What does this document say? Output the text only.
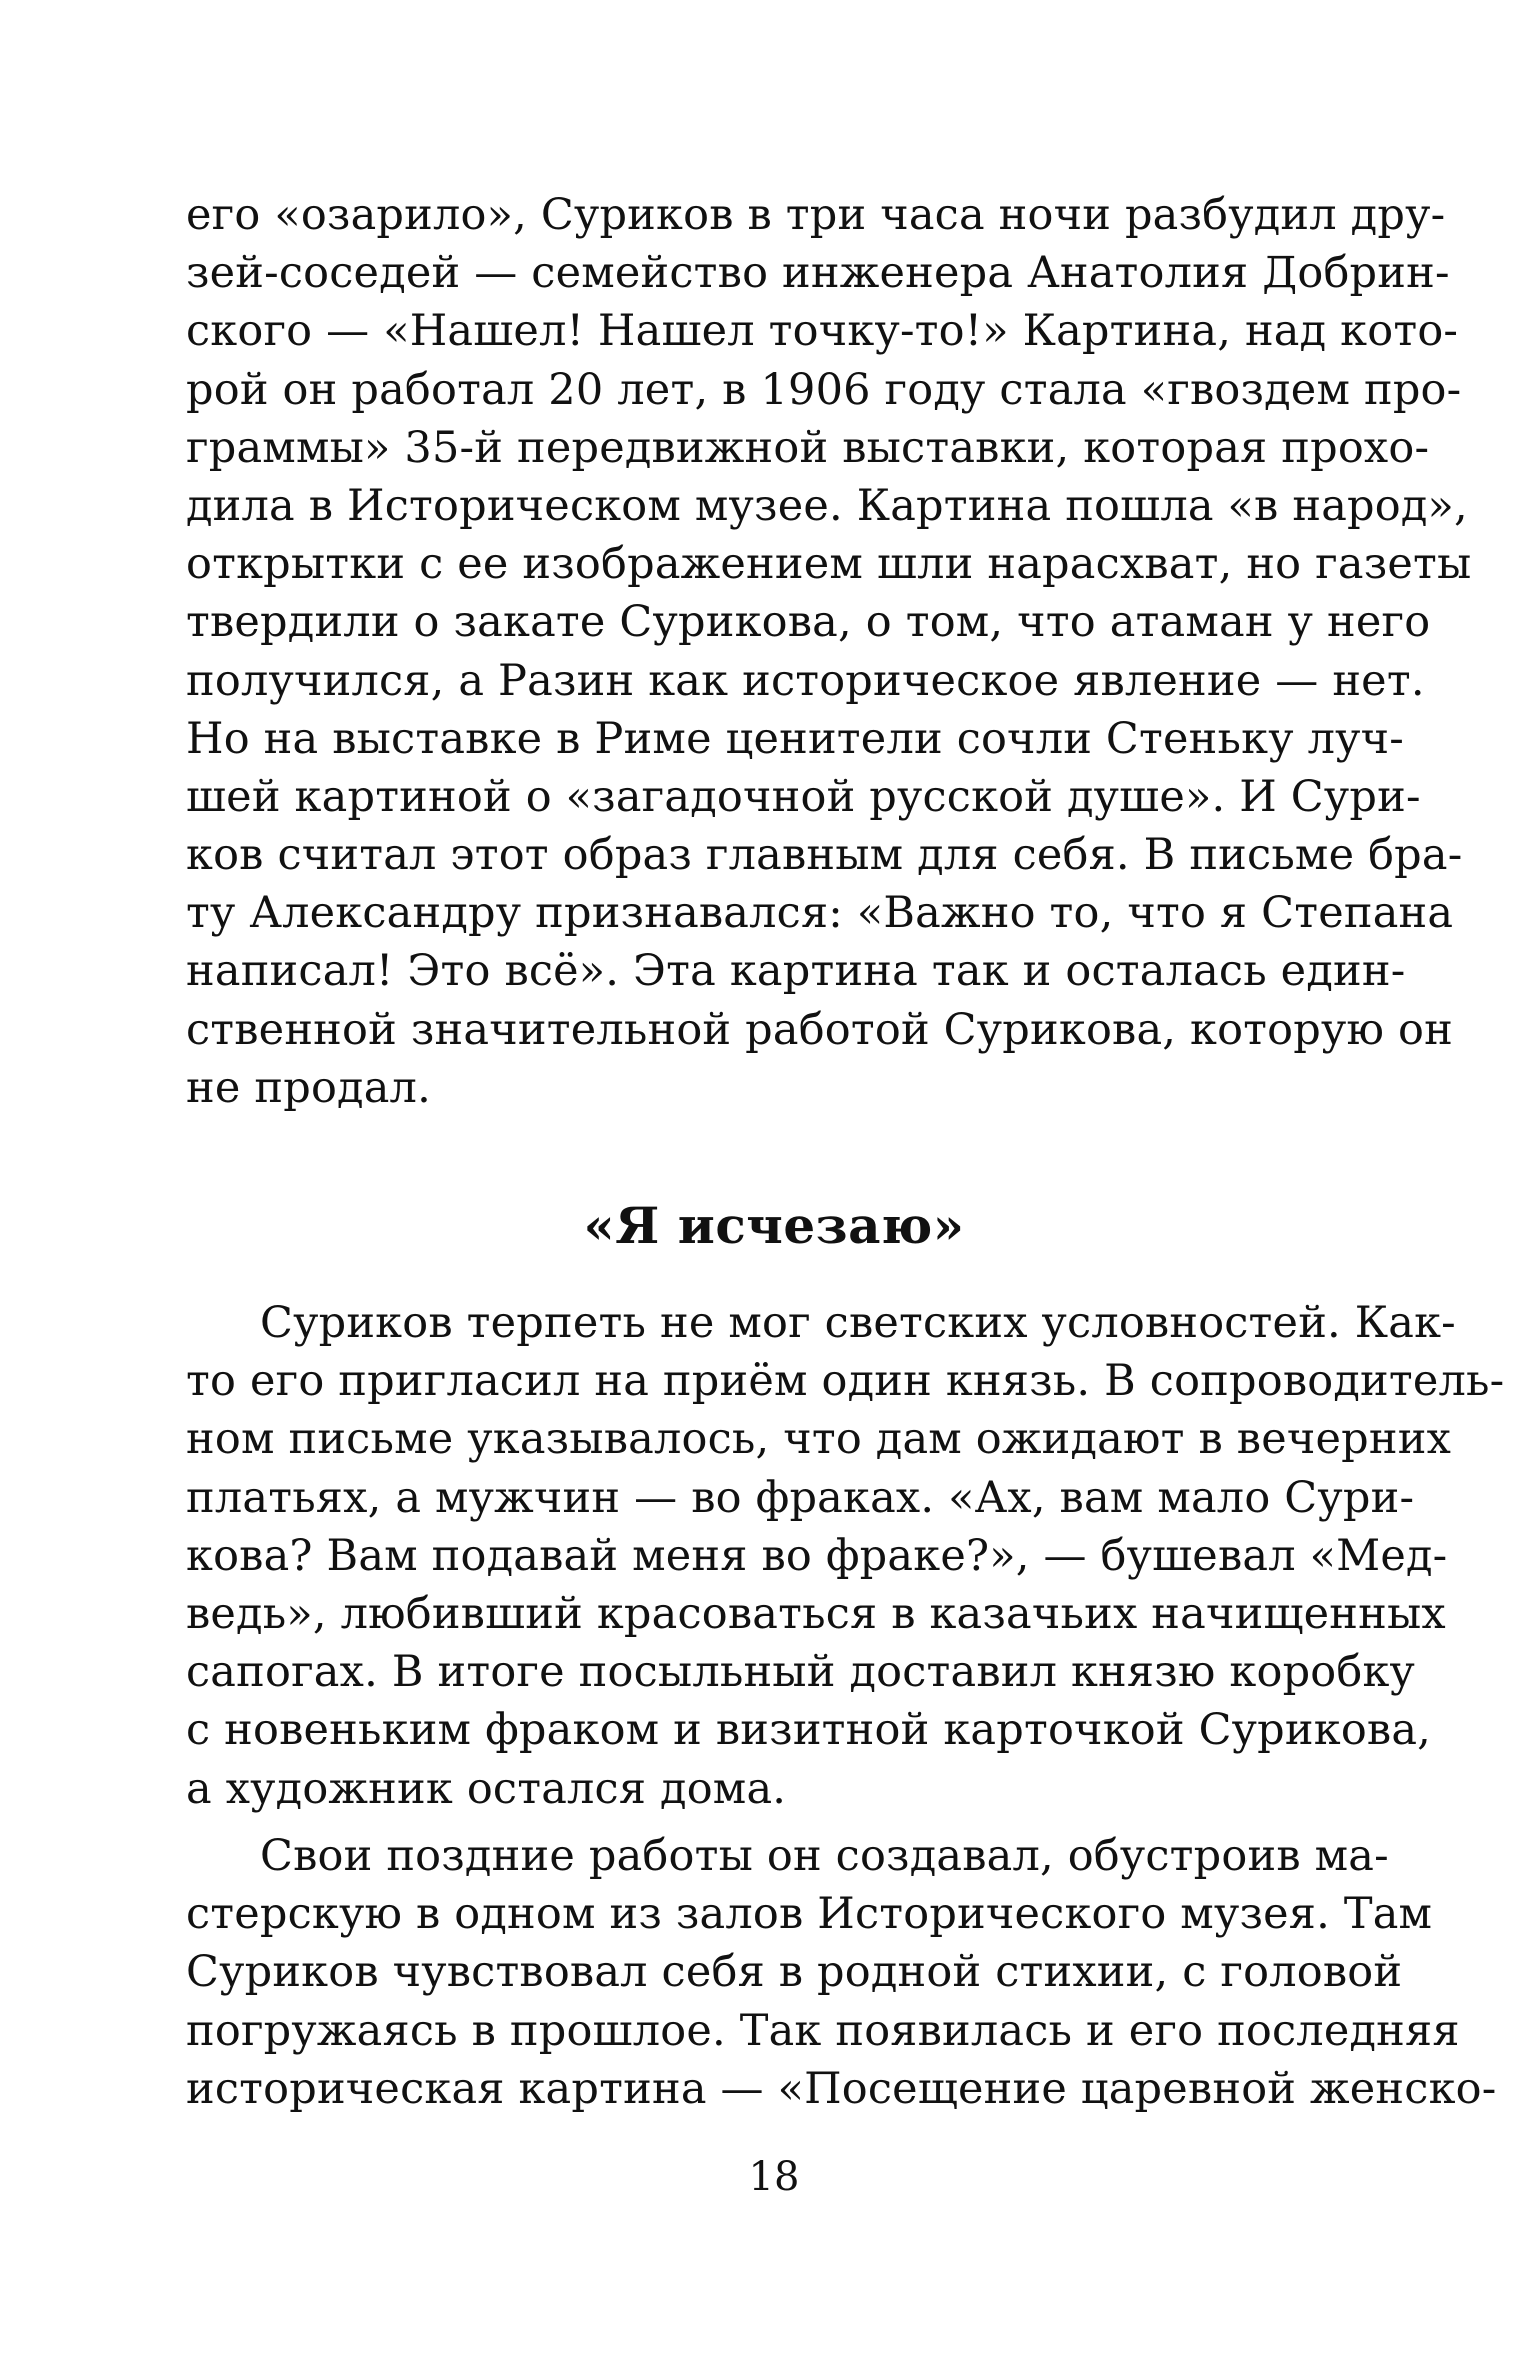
его «озарило», Суриков в три часа ночи разбудил дру-
зей-соседей — семейство инженера Анатолия Добрин-
ского — «Нашел! Нашел точку-то!» Картина, над кото-
рой он работал 20 лет, в 1906 году стала «гвоздем про-
граммы» 35-й передвижной выставки, которая прохо-
дила в Историческом музее. Картина пошла «в народ»,
открытки с ее изображением шли нарасхват, но газеты
твердили о закате Сурикова, о том, что атаман у него
получился, а Разин как историческое явление — нет.
Но на выставке в Риме ценители сочли Стеньку луч-
шей картиной о «загадочной русской душе». И Сури-
ков считал этот образ главным для себя. В письме бра-
ту Александру признавался: «Важно то, что я Степана
написал! Это всё». Эта картина так и осталась един-
ственной значительной работой Сурикова, которую он
не продал.
«Я исчезаю»
Суриков терпеть не мог светских условностей. Как-
то его пригласил на приём один князь. В сопроводитель-
ном письме указывалось, что дам ожидают в вечерних
платьях, а мужчин — во фраках. «Ах, вам мало Сури-
кова? Вам подавай меня во фраке?», — бушевал «Мед-
ведь», любивший красоваться в казачьих начищенных
сапогах. В итоге посыльный доставил князю коробку
с новеньким фраком и визитной карточкой Сурикова,
а художник остался дома.
Свои поздние работы он создавал, обустроив ма-
стерскую в одном из залов Исторического музея. Там
Суриков чувствовал себя в родной стихии, с головой
погружаясь в прошлое. Так появилась и его последняя
историческая картина — «Посещение царевной женско-
18
